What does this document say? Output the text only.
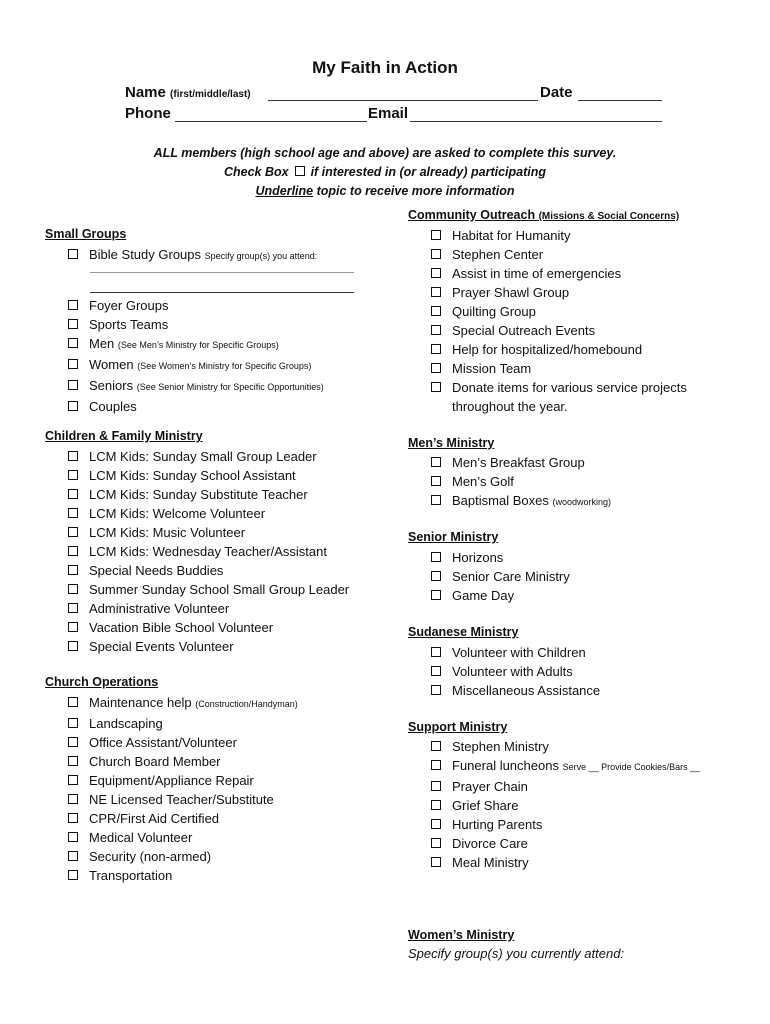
My Faith in Action
Name (first/middle/last)	Date
Phone	Email
ALL members (high school age and above) are asked to complete this survey.
Check Box if interested in (or already) participating
Underline topic to receive more information
Small Groups
Bible Study Groups Specify group(s) you attend:
Foyer Groups
Sports Teams
Men (See Men’s Ministry for Specific Groups)
Women (See Women’s Ministry for Specific Groups)
Seniors (See Senior Ministry for Specific Opportunities)
Couples
Children & Family Ministry
LCM Kids: Sunday Small Group Leader
LCM Kids: Sunday School Assistant
LCM Kids: Sunday Substitute Teacher
LCM Kids: Welcome Volunteer
LCM Kids: Music Volunteer
LCM Kids: Wednesday Teacher/Assistant
Special Needs Buddies
Summer Sunday School Small Group Leader
Administrative Volunteer
Vacation Bible School Volunteer
Special Events Volunteer
Church Operations
Maintenance help (Construction/Handyman)
Landscaping
Office Assistant/Volunteer
Church Board Member
Equipment/Appliance Repair
NE Licensed Teacher/Substitute
CPR/First Aid Certified
Medical Volunteer
Security (non-armed)
Transportation
Community Outreach (Missions & Social Concerns)
Habitat for Humanity
Stephen Center
Assist in time of emergencies
Prayer Shawl Group
Quilting Group
Special Outreach Events
Help for hospitalized/homebound
Mission Team
Donate items for various service projects
throughout the year.
Men’s Ministry
Men’s Breakfast Group
Men’s Golf
Baptismal Boxes (woodworking)
Senior Ministry
Horizons
Senior Care Ministry
Game Day
Sudanese Ministry
Volunteer with Children
Volunteer with Adults
Miscellaneous Assistance
Support Ministry
Stephen Ministry
Funeral luncheons Serve __ Provide Cookies/Bars __
Prayer Chain
Grief Share
Hurting Parents
Divorce Care
Meal Ministry
Women’s Ministry
Specify group(s) you currently attend:
